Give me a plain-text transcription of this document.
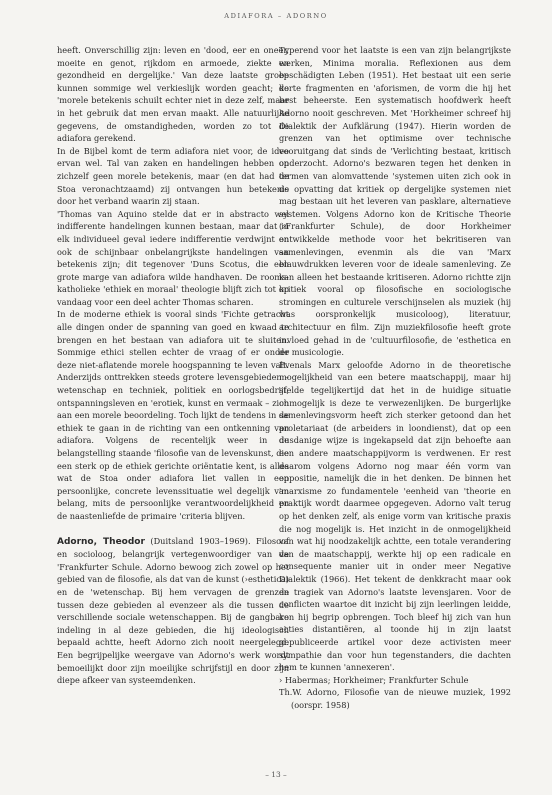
ADIAFORA – ADORNO

heeft. Onverschillig zijn: leven en 'dood, eer en oneer, moeite en genot, rijkdom en armoede, ziekte en gezondheid en dergelijke.' Van deze laatste groep kunnen sommige wel verkieslijk worden geacht; de 'morele betekenis schuilt echter niet in deze zelf, maar in het gebruik dat men ervan maakt. Alle natuurlijke gegevens, de omstandigheden, worden zo tot de adiafora gerekend.

In de Bijbel komt de term adiafora niet voor, de idee ervan wel. Tal van zaken en handelingen hebben op zichzelf geen morele betekenis, maar (en dat had de Stoa veronachtzaamd) zij ontvangen hun betekenis door het verband waarin zij staan.

'Thomas van Aquino stelde dat er in abstracto wel indifferente handelingen kunnen bestaan, maar dat in elk individueel geval iedere indifferentie verdwijnt en ook de schijnbaar onbelangrijkste handelingen van betekenis zijn; dit tegenover 'Duns Scotus, die een grote marge van adiafora wilde handhaven. De rooms-katholieke 'ethiek en moraal' theologie blijft zich tot op vandaag voor een deel achter Thomas scharen.

In de moderne ethiek is vooral sinds 'Fichte getracht alle dingen onder de spanning van goed en kwaad te brengen en het bestaan van adiafora uit te sluiten. Sommige ethici stellen echter de vraag of er onder deze niet-aflatende morele hoogspanning te leven valt. Anderzijds onttrekken steeds grotere levensgebieden – wetenschap en techniek, politiek en oorlogsbedrijf, ontspanningsleven en 'erotiek, kunst en vermaak – zich aan een morele beoordeling. Toch lijkt de tendens in de ethiek te gaan in de richting van een ontkenning van adiafora. Volgens de recentelijk weer in de belangstelling staande 'filosofie van de levenskunst, die een sterk op de ethiek gerichte oriëntatie kent, is alles wat de Stoa onder adiafora liet vallen in een persoonlijke, concrete levenssituatie wel degelijk van belang, mits de persoonlijke verantwoordelijkheid en de naastenliefde de primaire 'criteria blijven.

Adorno, Theodor (Duitsland 1903–1969). Filosoof en socioloog, belangrijk vertegenwoordiger van de 'Frankfurter Schule. Adorno bewoog zich zowel op het gebied van de filosofie, als dat van de kunst (›esthetica) en de 'wetenschap. Bij hem vervagen de grenzen tussen deze gebieden al evenzeer als die tussen de verschillende sociale wetenschappen. Bij de gangbare indeling in al deze gebieden, die hij ideologisch bepaald achtte, heeft Adorno zich nooit neergelegd. Een begrijpelijke weergave van Adorno's werk wordt bemoeilijkt door zijn moeilijke schrijfstijl en door zijn diepe afkeer van systeemdenken.

Typerend voor het laatste is een van zijn belangrijkste werken, Minima moralia. Reflexionen aus dem beschädigten Leben (1951). Het bestaat uit een serie korte fragmenten en 'aforismen, de vorm die hij het best beheerste. Een systematisch hoofdwerk heeft Adorno nooit geschreven. Met 'Horkheimer schreef hij Dialektik der Aufklärung (1947). Hierin worden de grenzen van het optimisme over technische vooruitgang dat sinds de 'Verlichting bestaat, kritisch onderzocht. Adorno's bezwaren tegen het denken in termen van alomvattende 'systemen uiten zich ook in de opvatting dat kritiek op dergelijke systemen niet mag bestaan uit het leveren van pasklare, alternatieve systemen. Volgens Adorno kon de Kritische Theorie (›Frankfurter Schule), de door Horkheimer ontwikkelde methode voor het bekritiseren van samenlevingen, evenmin als die van 'Marx blauwdrukken leveren voor de ideale samenleving. Ze kan alleen het bestaande kritiseren. Adorno richtte zijn kritiek vooral op filosofische en sociologische stromingen en culturele verschijnselen als muziek (hij was oorspronkelijk musicoloog), literatuur, architectuur en film. Zijn muziekfilosofie heeft grote invloed gehad in de 'cultuurfilosofie, de 'esthetica en de musicologie.

Evenals Marx geloofde Adorno in de theoretische mogelijkheid van een betere maatschappij, maar hij stelde tegelijkertijd dat het in de huidige situatie onmogelijk is deze te verwezenlijken. De burgerlijke samenlevingsvorm heeft zich sterker getoond dan het proletariaat (de arbeiders in loondienst), dat op een dusdanige wijze is ingekapseld dat zijn behoefte aan een andere maatschappijvorm is verdwenen. Er rest daarom volgens Adorno nog maar één vorm van oppositie, namelijk die in het denken. De binnen het 'marxisme zo fundamentele 'eenheid van 'theorie en praktijk wordt daarmee opgegeven. Adorno valt terug op het denken zelf, als enige vorm van kritische praxis die nog mogelijk is. Het inzicht in de onmogelijkheid van wat hij noodzakelijk achtte, een totale verandering van de maatschappij, werkte hij op een radicale en consequente manier uit in onder meer Negative Dialektik (1966). Het tekent de denkkracht maar ook de tragiek van Adorno's laatste levensjaren. Voor de conflicten waartoe dit inzicht bij zijn leerlingen leidde, kon hij begrip opbrengen. Toch bleef hij zich van hun acties distantiëren, al toonde hij in zijn laatst gepubliceerde artikel voor deze activisten meer sympathie dan voor hun tegenstanders, die dachten hem te kunnen 'annexeren'.

› Habermas; Horkheimer; Frankfurter Schule

Th.W. Adorno, Filosofie van de nieuwe muziek, 1992 (oorspr. 1958)

– 13 –
